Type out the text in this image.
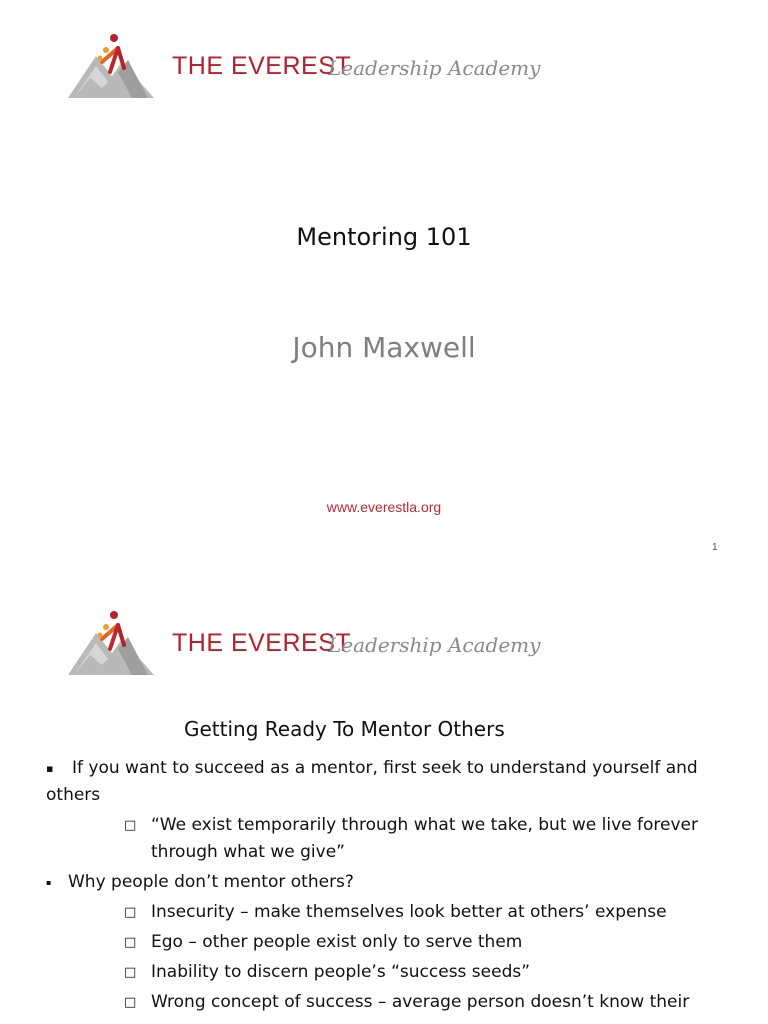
THE EVEREST
Leadership Academy
Mentoring 101
John Maxwell
www.everestla.org
1
THE EVEREST
Leadership Academy
Getting Ready To Mentor Others
▪	If you want to succeed as a mentor, first seek to understand yourself and others
□ “We exist temporarily through what we take, but we live forever through what we give”
▪ Why people don’t mentor others?
□ Insecurity – make themselves look better at others’ expense
□ Ego – other people exist only to serve them
□ Inability to discern people’s “success seeds”
□ Wrong concept of success – average person doesn’t know their
